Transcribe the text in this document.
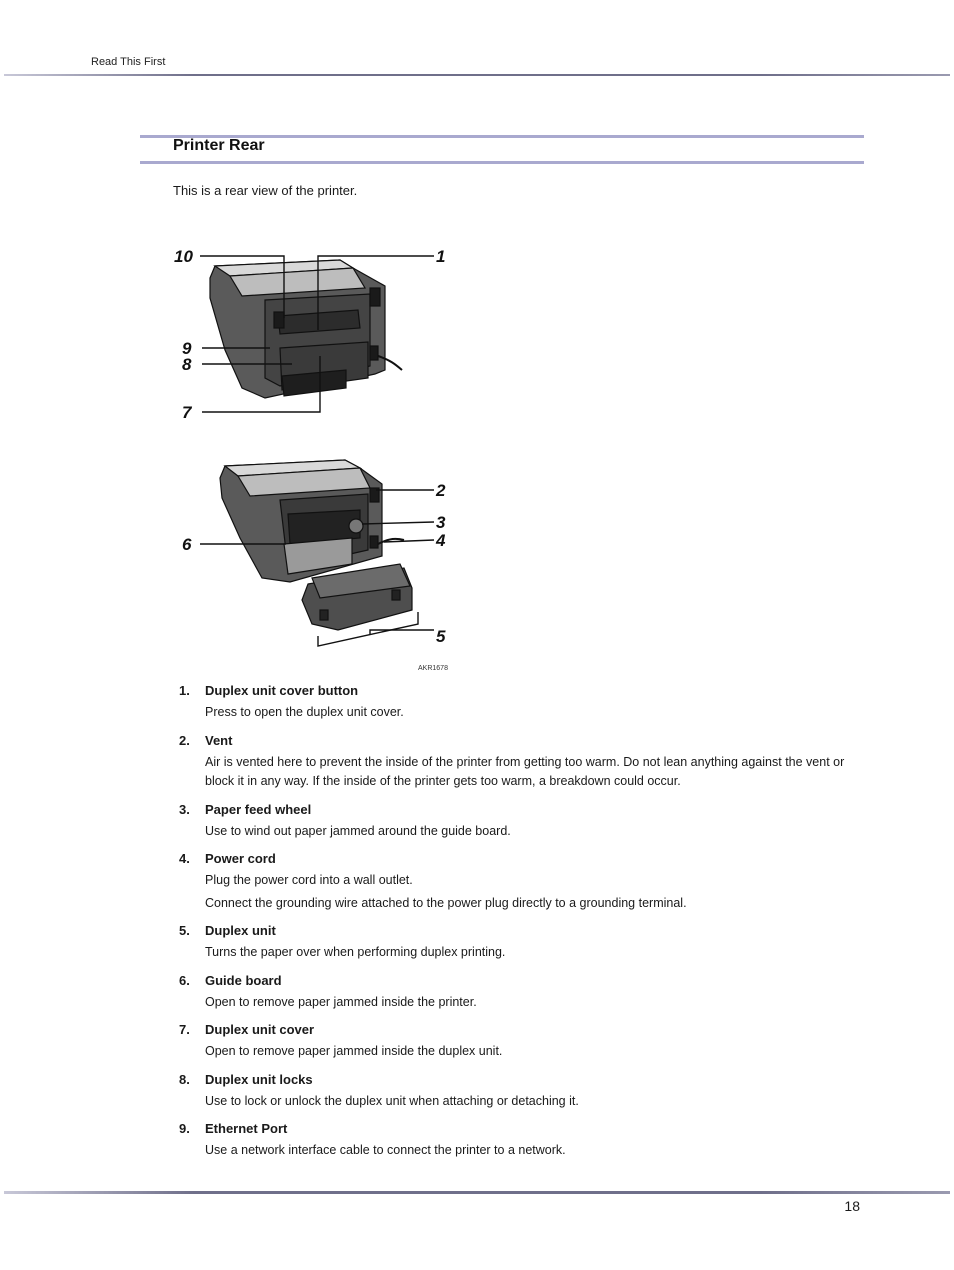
Read This First
Printer Rear
This is a rear view of the printer.
10	1
9
8
7
2
3
4
6
5
AKR1678
1. Duplex unit cover button

Press to open the duplex unit cover.

2. Vent

Air is vented here to prevent the inside of the printer from getting too warm. Do not lean anything against the vent or block it in any way. If the inside of the printer gets too warm, a breakdown could occur.

3. Paper feed wheel

Use to wind out paper jammed around the guide board.

4. Power cord

Plug the power cord into a wall outlet.

Connect the grounding wire attached to the power plug directly to a grounding terminal.

5. Duplex unit

Turns the paper over when performing duplex printing.

6. Guide board

Open to remove paper jammed inside the printer.

7. Duplex unit cover

Open to remove paper jammed inside the duplex unit.

8. Duplex unit locks

Use to lock or unlock the duplex unit when attaching or detaching it.

9. Ethernet Port

Use a network interface cable to connect the printer to a network.

18
